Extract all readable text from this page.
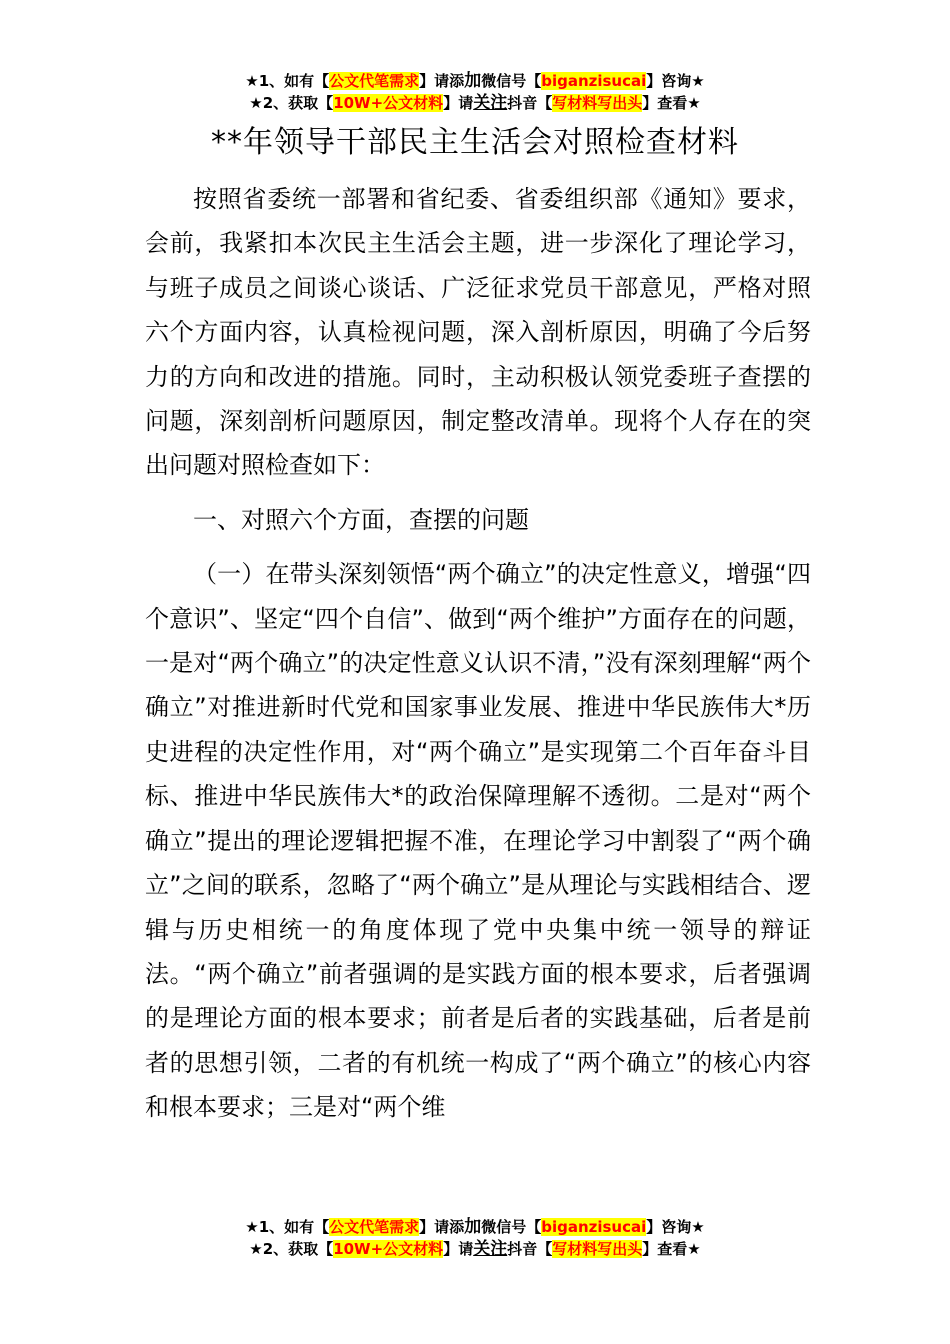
★1、如有【公文代笔需求】请添加微信号【biganzisucai】咨询★
★2、获取【10W+公文材料】请关注抖音【写材料写出头】查看★
**年领导干部民主生活会对照检查材料

按照省委统一部署和省纪委、省委组织部《通知》要求，会前，我紧扣本次民主生活会主题，进一步深化了理论学习，与班子成员之间谈心谈话、广泛征求党员干部意见，严格对照六个方面内容，认真检视问题，深入剖析原因，明确了今后努力的方向和改进的措施。同时，主动积极认领党委班子查摆的问题，深刻剖析问题原因，制定整改清单。现将个人存在的突出问题对照检查如下：

一、对照六个方面，查摆的问题

（一）在带头深刻领悟“两个确立”的决定性意义，增强“四个意识”、坚定“四个自信”、做到“两个维护”方面存在的问题，一是对“两个确立”的决定性意义认识不清，”没有深刻理解“两个确立”对推进新时代党和国家事业发展、推进中华民族伟大*历史进程的决定性作用，对“两个确立”是实现第二个百年奋斗目标、推进中华民族伟大*的政治保障理解不透彻。二是对“两个确立”提出的理论逻辑把握不准，在理论学习中割裂了“两个确立”之间的联系，忽略了“两个确立”是从理论与实践相结合、逻辑与历史相统一的角度体现了党中央集中统一领导的辩证法。“两个确立”前者强调的是实践方面的根本要求，后者强调的是理论方面的根本要求；前者是后者的实践基础，后者是前者的思想引领，二者的有机统一构成了“两个确立”的核心内容和根本要求；三是对“两个维

★1、如有【公文代笔需求】请添加微信号【biganzisucai】咨询★
★2、获取【10W+公文材料】请关注抖音【写材料写出头】查看★
